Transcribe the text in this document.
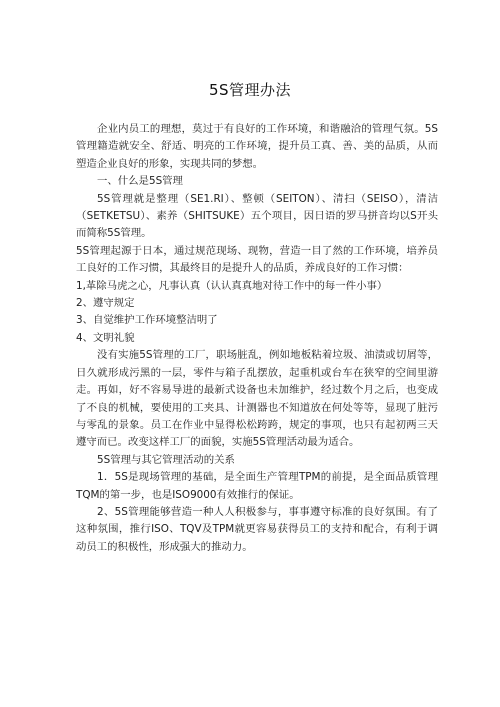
5S管理办法

企业内员工的理想，莫过于有良好的工作环境，和谐融洽的管理气氛。5S管理籍造就安全、舒适、明亮的工作环境，提升员工真、善、美的品质，从而塑造企业良好的形象，实现共同的梦想。

一、什么是5S管理

5S管理就是整理（SE1.RI）、整顿（SEITON）、清扫（SEISO），清洁（SETKETSU）、素养（SHITSUKE）五个项目，因日语的罗马拼音均以S开头而简称5S管理。

5S管理起源于日本，通过规范现场、现物，营造一目了然的工作环境，培养员工良好的工作习惯，其最终目的是提升人的品质，养成良好的工作习惯：

1,革除马虎之心，凡事认真（认认真真地对待工作中的每一件小事）

2、遵守规定

3、自觉维护工作环境整洁明了

4、文明礼貌

没有实施5S管理的工厂，职场脏乱，例如地板粘着垃圾、油渍或切屑等，日久就形成污黑的一层，零件与箱子乱摆放，起重机或台车在狭窄的空间里游走。再如，好不容易导进的最新式设备也未加维护，经过数个月之后，也变成了不良的机械，要使用的工夹具、计测器也不知道放在何处等等，显现了脏污与零乱的景象。员工在作业中显得松松跨跨，规定的事项，也只有起初两三天遵守而已。改变这样工厂的面貌，实施5S管理活动最为适合。

5S管理与其它管理活动的关系

1．5S是现场管理的基础，是全面生产管理TPM的前提，是全面品质管理TQM的第一步，也是ISO9000有效推行的保证。

2、5S管理能够营造一种人人积极参与，事事遵守标准的良好氛围。有了这种氛围，推行ISO、TQV及TPM就更容易获得员工的支持和配合，有利于调动员工的积极性，形成强大的推动力。
